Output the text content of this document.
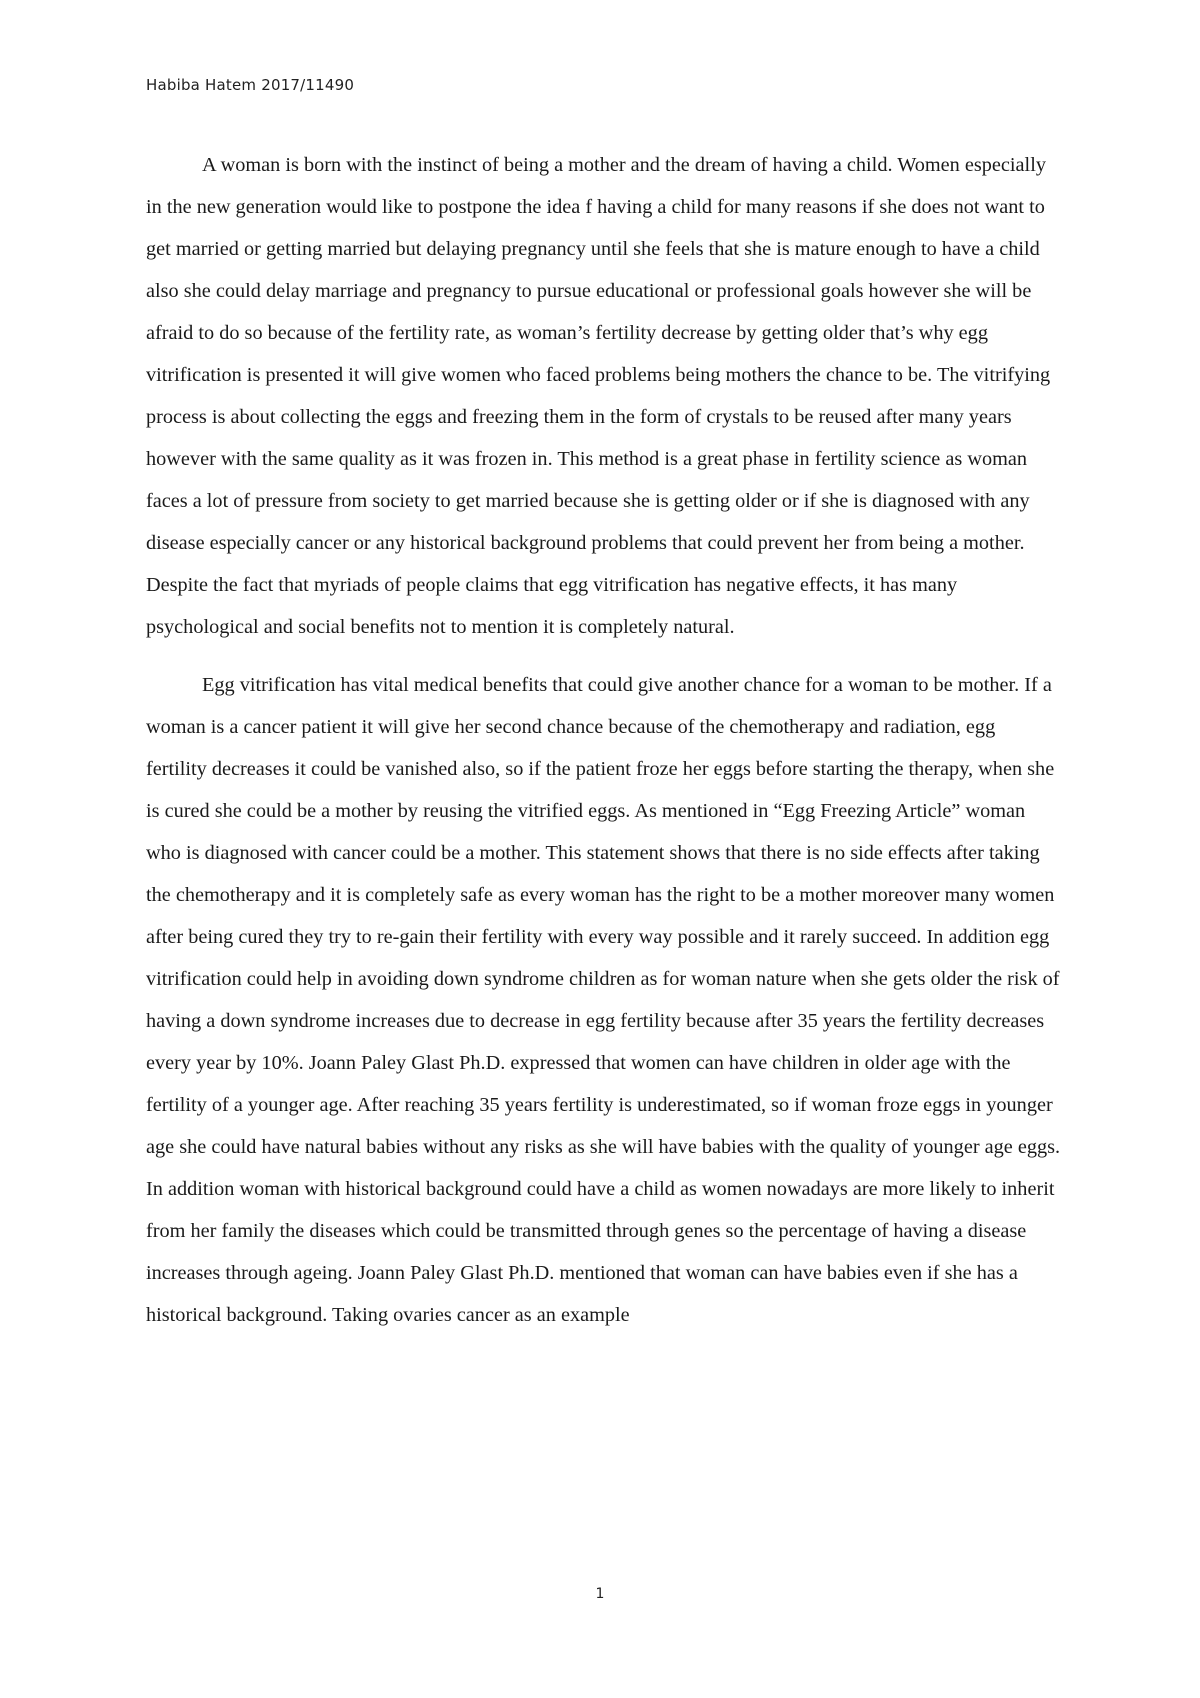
Habiba Hatem 2017/11490

A woman is born with the instinct of being a mother and the dream of having a child. Women especially in the new generation would like to postpone the idea f having a child for many reasons if she does not want to get married or getting married but delaying pregnancy until she feels that she is mature enough to have a child also she could delay marriage and pregnancy to pursue educational or professional goals however she will be afraid to do so because of the fertility rate, as woman’s fertility decrease by getting older that’s why egg vitrification is presented it will give women who faced problems being mothers the chance to be. The vitrifying process is about collecting the eggs and freezing them in the form of crystals to be reused after many years however with the same quality as it was frozen in. This method is a great phase in fertility science as woman faces a lot of pressure from society to get married because she is getting older or if she is diagnosed with any disease especially cancer or any historical background problems that could prevent her from being a mother. Despite the fact that myriads of people claims that egg vitrification has negative effects, it has many psychological and social benefits not to mention it is completely natural.

Egg vitrification has vital medical benefits that could give another chance for a woman to be mother. If a woman is a cancer patient it will give her second chance because of the chemotherapy and radiation, egg fertility decreases it could be vanished also, so if the patient froze her eggs before starting the therapy, when she is cured she could be a mother by reusing the vitrified eggs. As mentioned in “Egg Freezing Article” woman who is diagnosed with cancer could be a mother. This statement shows that there is no side effects after taking the chemotherapy and it is completely safe as every woman has the right to be a mother moreover many women after being cured they try to re-gain their fertility with every way possible and it rarely succeed. In addition egg vitrification could help in avoiding down syndrome children as for woman nature when she gets older the risk of having a down syndrome increases due to decrease in egg fertility because after 35 years the fertility decreases every year by 10%. Joann Paley Glast Ph.D. expressed that women can have children in older age with the fertility of a younger age. After reaching 35 years fertility is underestimated, so if woman froze eggs in younger age she could have natural babies without any risks as she will have babies with the quality of younger age eggs. In addition woman with historical background could have a child as women nowadays are more likely to inherit from her family the diseases which could be transmitted through genes so the percentage of having a disease increases through ageing. Joann Paley Glast Ph.D. mentioned that woman can have babies even if she has a historical background. Taking ovaries cancer as an example

1
